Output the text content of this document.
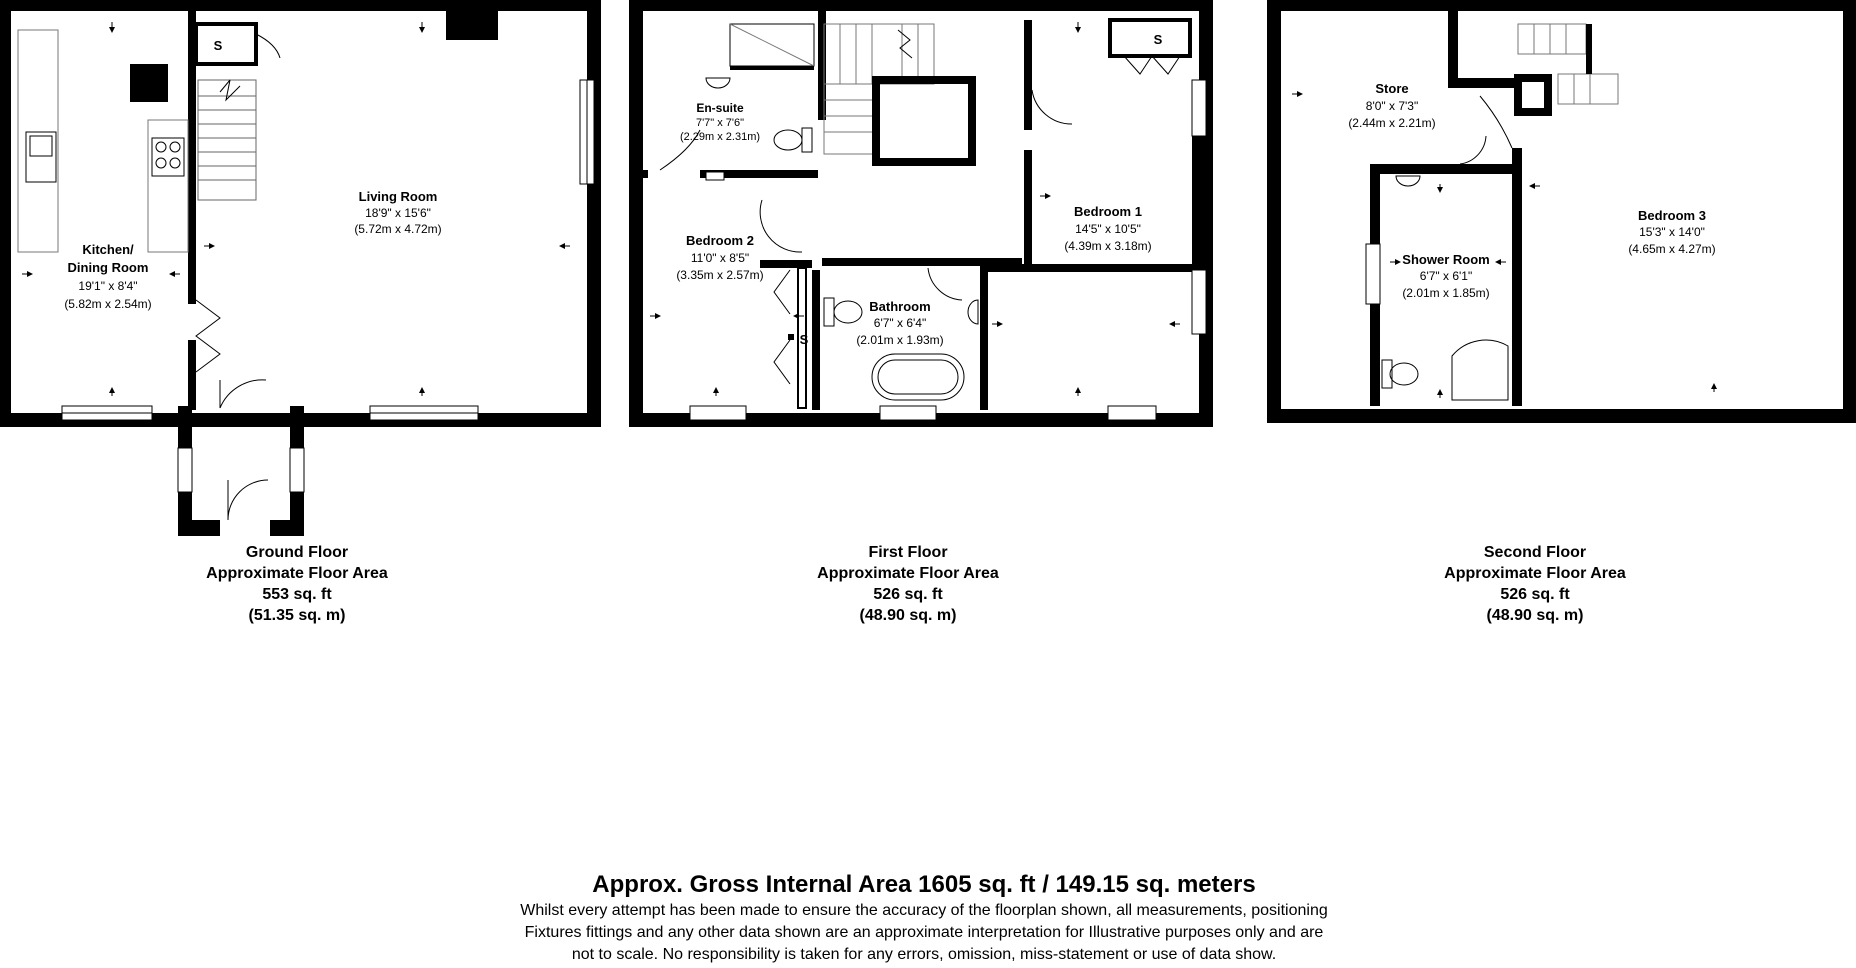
S
Living Room
18'9" x 15'6"
(5.72m x 4.72m)
Kitchen/
Dining Room
19'1" x 8'4"
(5.82m x 2.54m)
En-suite
7'7" x 7'6"
(2.29m x 2.31m)
Bedroom 2
11'0" x 8'5"
(3.35m x 2.57m)
Bathroom
6'7" x 6'4"
(2.01m x 1.93m)
Bedroom 1
14'5" x 10'5"
(4.39m x 3.18m)
S
S
Store
8'0" x 7'3"
(2.44m x 2.21m)
Shower Room
6'7" x 6'1"
(2.01m x 1.85m)
Bedroom 3
15'3" x 14'0"
(4.65m x 4.27m)
Ground Floor
Approximate Floor Area
553 sq. ft
(51.35 sq. m)
First Floor
Approximate Floor Area
526 sq. ft
(48.90 sq. m)
Second Floor
Approximate Floor Area
526 sq. ft
(48.90 sq. m)
Approx. Gross Internal Area 1605 sq. ft / 149.15 sq. meters
Whilst every attempt has been made to ensure the accuracy of the floorplan shown, all measurements, positioning
Fixtures fittings and any other data shown are an approximate interpretation for Illustrative purposes only and are
not to scale. No responsibility is taken for any errors, omission, miss-statement or use of data show.
